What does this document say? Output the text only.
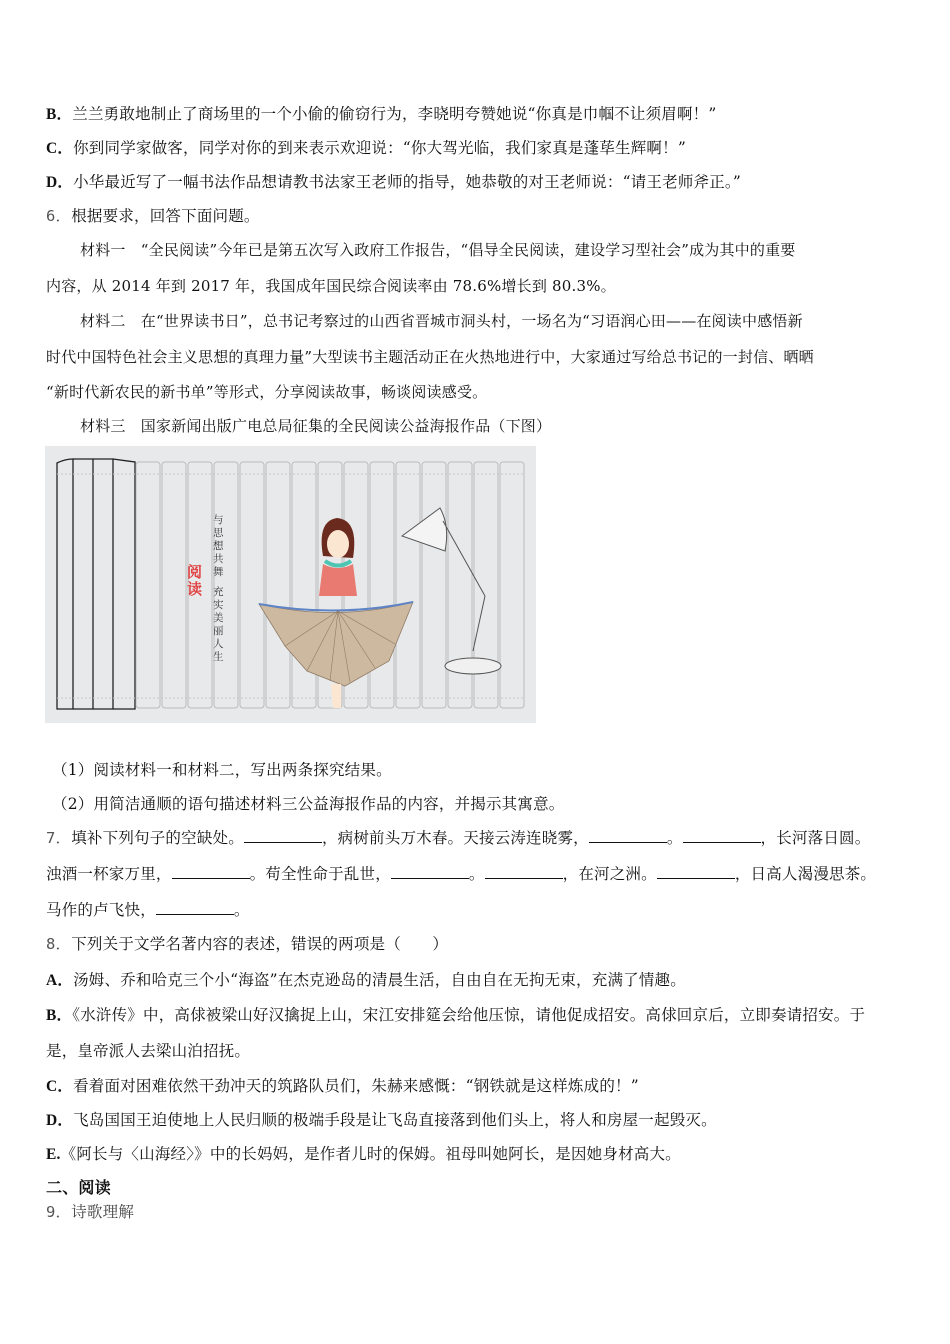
B．兰兰勇敢地制止了商场里的一个小偷的偷窃行为，李晓明夸赞她说“你真是巾帼不让须眉啊！”
C．你到同学家做客，同学对你的到来表示欢迎说：“你大驾光临，我们家真是蓬荜生辉啊！”
D．小华最近写了一幅书法作品想请教书法家王老师的指导，她恭敬的对王老师说：“请王老师斧正。”
6．根据要求，回答下面问题。
材料一　“全民阅读”今年已是第五次写入政府工作报告，“倡导全民阅读，建设学习型社会”成为其中的重要
内容，从 2014 年到 2017 年，我国成年国民综合阅读率由 78.6%增长到 80.3%。
材料二　在“世界读书日”，总书记考察过的山西省晋城市洞头村，一场名为“习语润心田——在阅读中感悟新
时代中国特色社会主义思想的真理力量”大型读书主题活动正在火热地进行中，大家通过写给总书记的一封信、晒晒
“新时代新农民的新书单”等形式，分享阅读故事，畅谈阅读感受。
材料三　国家新闻出版广电总局征集的全民阅读公益海报作品（下图）
阅读
与思想共舞
充实美丽人生
（1）阅读材料一和材料二，写出两条探究结果。
（2）用简洁通顺的语句描述材料三公益海报作品的内容，并揭示其寓意。
7．填补下列句子的空缺处。	，病树前头万木春。天接云涛连晓雾，	。	，长河落日圆。
浊酒一杯家万里，	。苟全性命于乱世，	。	，在河之洲。	，日高人渴漫思茶。
马作的卢飞快，	。
8．下列关于文学名著内容的表述，错误的两项是（　　）
A．汤姆、乔和哈克三个小“海盗”在杰克逊岛的清晨生活，自由自在无拘无束，充满了情趣。
B．《水浒传》中，高俅被梁山好汉擒捉上山，宋江安排筵会给他压惊，请他促成招安。高俅回京后，立即奏请招安。于
是，皇帝派人去梁山泊招抚。
C．看着面对困难依然干劲冲天的筑路队员们，朱赫来感慨：“钢铁就是这样炼成的！”
D．飞岛国国王迫使地上人民归顺的极端手段是让飞岛直接落到他们头上，将人和房屋一起毁灭。
E.《阿长与〈山海经〉》中的长妈妈，是作者儿时的保姆。祖母叫她阿长，是因她身材高大。
二、阅读
9．诗歌理解
